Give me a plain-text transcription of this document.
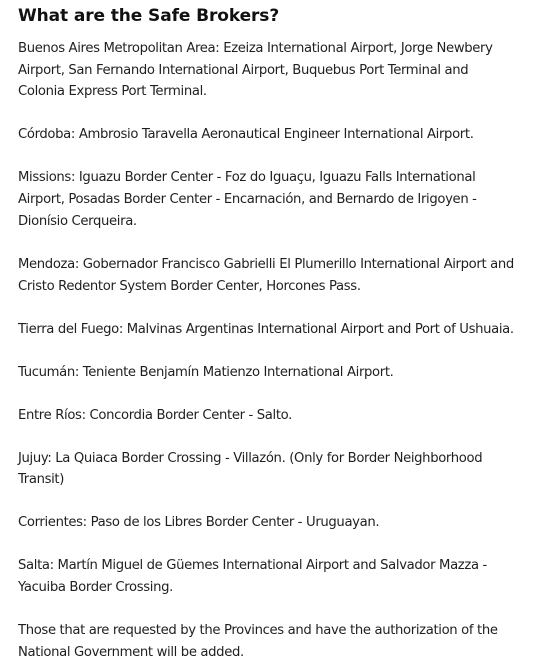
What are the Safe Brokers?

Buenos Aires Metropolitan Area: Ezeiza International Airport, Jorge Newbery
Airport, San Fernando International Airport, Buquebus Port Terminal and
Colonia Express Port Terminal.

Córdoba: Ambrosio Taravella Aeronautical Engineer International Airport.

Missions: Iguazu Border Center - Foz do Iguaçu, Iguazu Falls International
Airport, Posadas Border Center - Encarnación, and Bernardo de Irigoyen -
Dionísio Cerqueira.

Mendoza: Gobernador Francisco Gabrielli El Plumerillo International Airport and
Cristo Redentor System Border Center, Horcones Pass.

Tierra del Fuego: Malvinas Argentinas International Airport and Port of Ushuaia.

Tucumán: Teniente Benjamín Matienzo International Airport.

Entre Ríos: Concordia Border Center - Salto.

Jujuy: La Quiaca Border Crossing - Villazón. (Only for Border Neighborhood
Transit)

Corrientes: Paso de los Libres Border Center - Uruguayan.

Salta: Martín Miguel de Güemes International Airport and Salvador Mazza -
Yacuiba Border Crossing.

Those that are requested by the Provinces and have the authorization of the
National Government will be added.
